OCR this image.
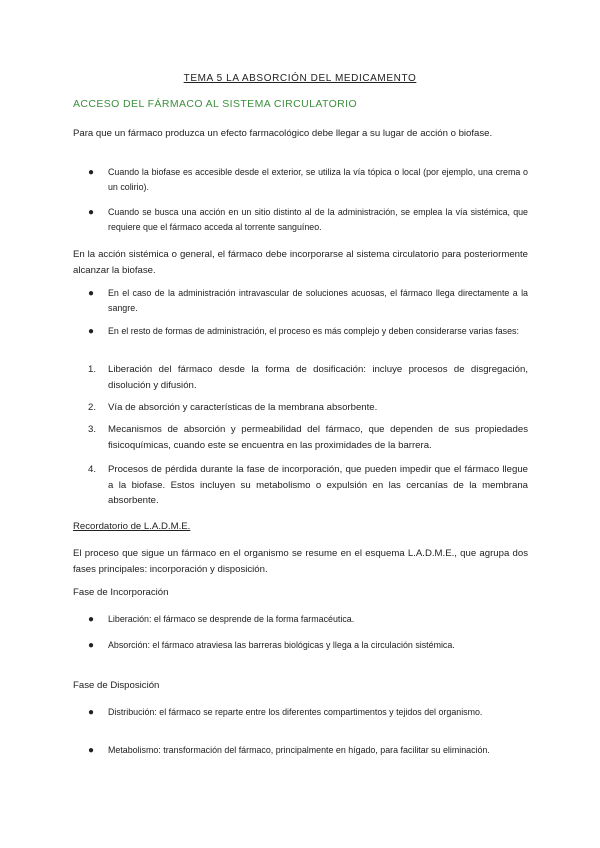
TEMA 5 LA ABSORCIÓN DEL MEDICAMENTO
ACCESO DEL FÁRMACO AL SISTEMA CIRCULATORIO
Para que un fármaco produzca un efecto farmacológico debe llegar a su lugar de acción o biofase.
●	Cuando la biofase es accesible desde el exterior, se utiliza la vía tópica o local (por ejemplo, una crema o un colirio).
●	Cuando se busca una acción en un sitio distinto al de la administración, se emplea la vía sistémica, que requiere que el fármaco acceda al torrente sanguíneo.
En la acción sistémica o general, el fármaco debe incorporarse al sistema circulatorio para posteriormente alcanzar la biofase.
●	En el caso de la administración intravascular de soluciones acuosas, el fármaco llega directamente a la sangre.
●	En el resto de formas de administración, el proceso es más complejo y deben considerarse varias fases:
1.	Liberación del fármaco desde la forma de dosificación: incluye procesos de disgregación, disolución y difusión.
2.	Vía de absorción y características de la membrana absorbente.
3.	Mecanismos de absorción y permeabilidad del fármaco, que dependen de sus propiedades fisicoquímicas, cuando este se encuentra en las proximidades de la barrera.
4.	Procesos de pérdida durante la fase de incorporación, que pueden impedir que el fármaco llegue a la biofase. Estos incluyen su metabolismo o expulsión en las cercanías de la membrana absorbente.
Recordatorio de L.A.D.M.E.
El proceso que sigue un fármaco en el organismo se resume en el esquema L.A.D.M.E., que agrupa dos fases principales: incorporación y disposición.
Fase de Incorporación
●	Liberación: el fármaco se desprende de la forma farmacéutica.
●	Absorción: el fármaco atraviesa las barreras biológicas y llega a la circulación sistémica.
Fase de Disposición
●	Distribución: el fármaco se reparte entre los diferentes compartimentos y tejidos del organismo.
●	Metabolismo: transformación del fármaco, principalmente en hígado, para facilitar su eliminación.
